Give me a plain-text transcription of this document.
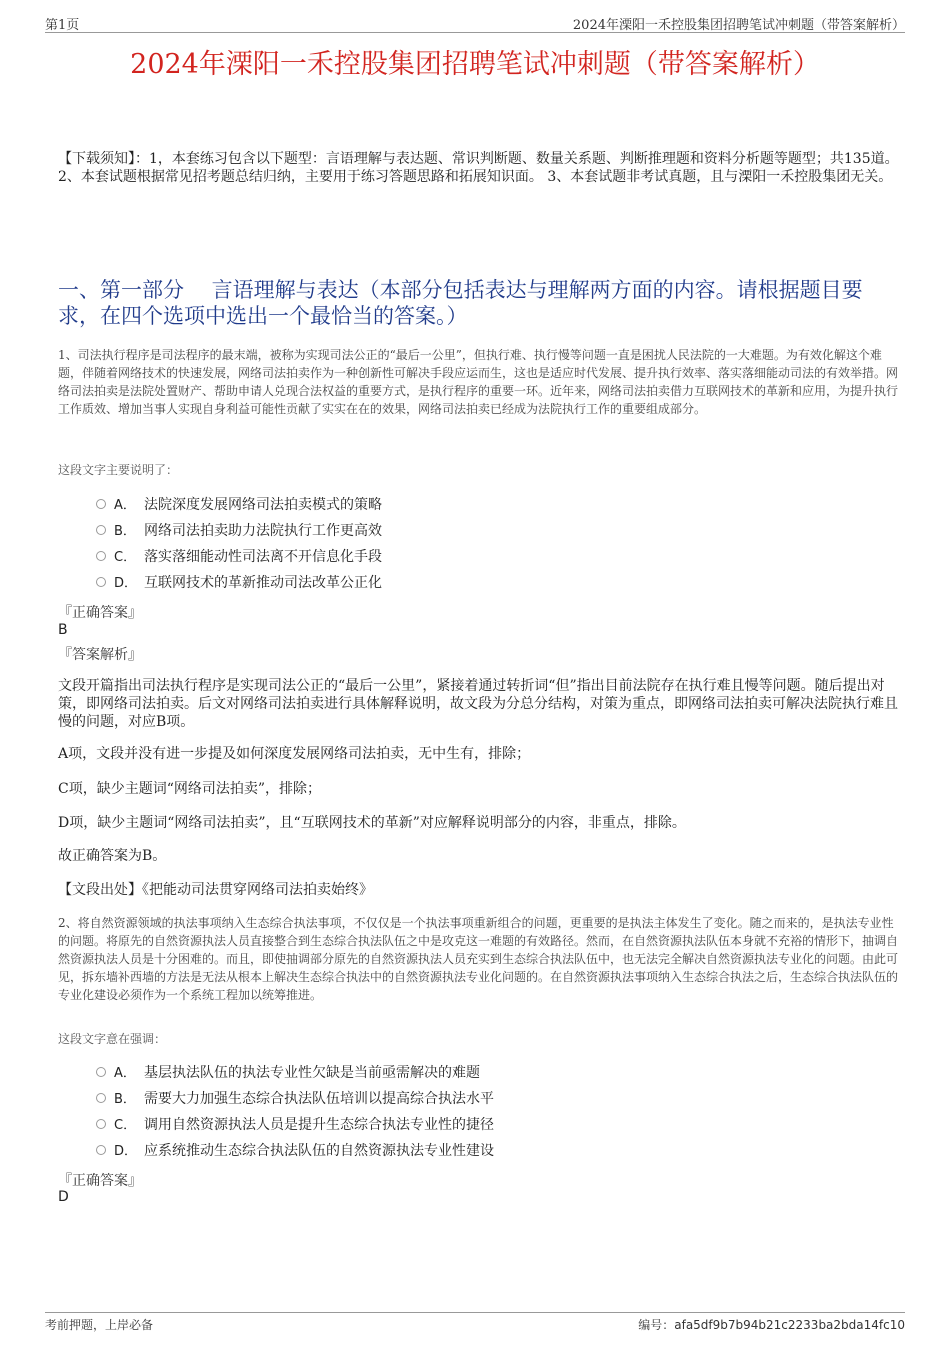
第1页	2024年溧阳一禾控股集团招聘笔试冲刺题（带答案解析）
2024年溧阳一禾控股集团招聘笔试冲刺题（带答案解析）
【下载须知】：1，本套练习包含以下题型：言语理解与表达题、常识判断题、数量关系题、判断推理题和资料分析题等题型；共135道。 2、本套试题根据常见招考题总结归纳，主要用于练习答题思路和拓展知识面。 3、本套试题非考试真题，且与溧阳一禾控股集团无关。
一、第一部分　 言语理解与表达（本部分包括表达与理解两方面的内容。请根据题目要求，在四个选项中选出一个最恰当的答案。）
1、司法执行程序是司法程序的最末端，被称为实现司法公正的“最后一公里”，但执行难、执行慢等问题一直是困扰人民法院的一大难题。为有效化解这个难题，伴随着网络技术的快速发展，网络司法拍卖作为一种创新性可解决手段应运而生，这也是适应时代发展、提升执行效率、落实落细能动司法的有效举措。网络司法拍卖是法院处置财产、帮助申请人兑现合法权益的重要方式，是执行程序的重要一环。近年来，网络司法拍卖借力互联网技术的革新和应用，为提升执行工作质效、增加当事人实现自身利益可能性贡献了实实在在的效果，网络司法拍卖已经成为法院执行工作的重要组成部分。
这段文字主要说明了：
A． 法院深度发展网络司法拍卖模式的策略
B． 网络司法拍卖助力法院执行工作更高效
C． 落实落细能动性司法离不开信息化手段
D． 互联网技术的革新推动司法改革公正化
『正确答案』
B
『答案解析』
文段开篇指出司法执行程序是实现司法公正的“最后一公里”，紧接着通过转折词“但”指出目前法院存在执行难且慢等问题。随后提出对策，即网络司法拍卖。后文对网络司法拍卖进行具体解释说明，故文段为分总分结构，对策为重点，即网络司法拍卖可解决法院执行难且慢的问题，对应B项。
A项，文段并没有进一步提及如何深度发展网络司法拍卖，无中生有，排除；
C项，缺少主题词“网络司法拍卖”，排除；
D项，缺少主题词“网络司法拍卖”，且“互联网技术的革新”对应解释说明部分的内容，非重点，排除。
故正确答案为B。
【文段出处】《把能动司法贯穿网络司法拍卖始终》
2、将自然资源领域的执法事项纳入生态综合执法事项，不仅仅是一个执法事项重新组合的问题，更重要的是执法主体发生了变化。随之而来的，是执法专业性的问题。将原先的自然资源执法人员直接整合到生态综合执法队伍之中是攻克这一难题的有效路径。然而，在自然资源执法队伍本身就不充裕的情形下，抽调自然资源执法人员是十分困难的。而且，即使抽调部分原先的自然资源执法人员充实到生态综合执法队伍中，也无法完全解决自然资源执法专业化的问题。由此可见，拆东墙补西墙的方法是无法从根本上解决生态综合执法中的自然资源执法专业化问题的。在自然资源执法事项纳入生态综合执法之后，生态综合执法队伍的专业化建设必须作为一个系统工程加以统筹推进。
这段文字意在强调：
A． 基层执法队伍的执法专业性欠缺是当前亟需解决的难题
B． 需要大力加强生态综合执法队伍培训以提高综合执法水平
C． 调用自然资源执法人员是提升生态综合执法专业性的捷径
D． 应系统推动生态综合执法队伍的自然资源执法专业性建设
『正确答案』
D
考前押题，上岸必备	编号：afa5df9b7b94b21c2233ba2bda14fc10
